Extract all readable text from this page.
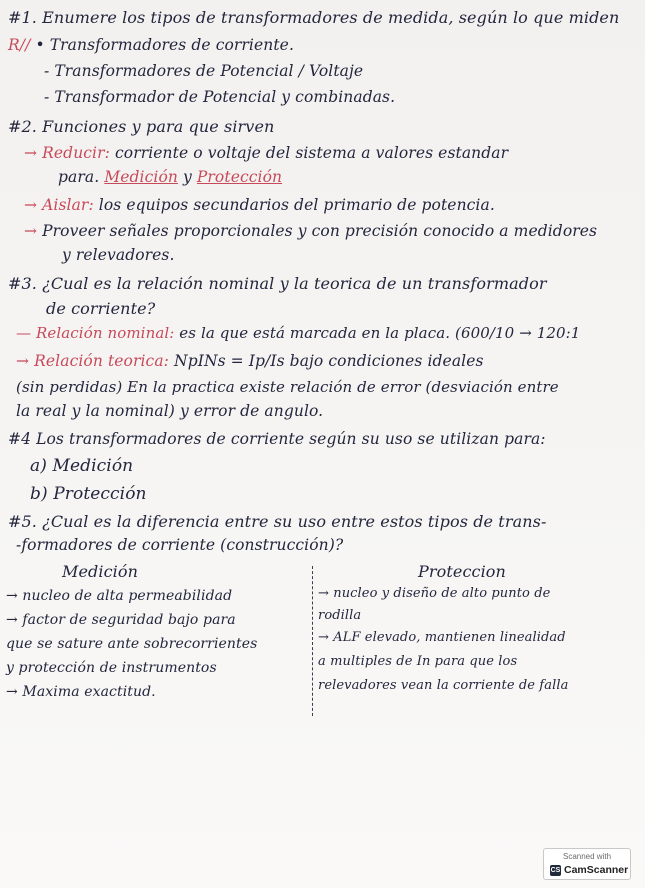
#1. Enumere los tipos de transformadores de medida, según lo que miden
R// • Transformadores de corriente.
- Transformadores de Potencial / Voltaje
- Transformador de Potencial y combinadas.
#2. Funciones y para que sirven
→ Reducir: corriente o voltaje del sistema a valores estandar
para. Medición y Protección
→ Aislar: los equipos secundarios del primario de potencia.
→ Proveer señales proporcionales y con precisión conocido a medidores
y relevadores.
#3. ¿Cual es la relación nominal y la teorica de un transformador
de corriente?
— Relación nominal: es la que está marcada en la placa. (600/10 → 120:1
→ Relación teorica: NpINs = Ip/Is bajo condiciones ideales
(sin perdidas) En la practica existe relación de error (desviación entre
la real y la nominal) y error de angulo.
#4 Los transformadores de corriente según su uso se utilizan para:
a) Medición
b) Protección
#5. ¿Cual es la diferencia entre su uso entre estos tipos de trans-
-formadores de corriente (construcción)?
Medición	Proteccion
→ nucleo de alta permeabilidad
→ factor de seguridad bajo para
que se sature ante sobrecorrientes
y protección de instrumentos
→ Maxima exactitud.
→ nucleo y diseño de alto punto de
rodilla
→ ALF elevado, mantienen linealidad
a multiples de In para que los
relevadores vean la corriente de falla
Scanned with
CS CamScanner
